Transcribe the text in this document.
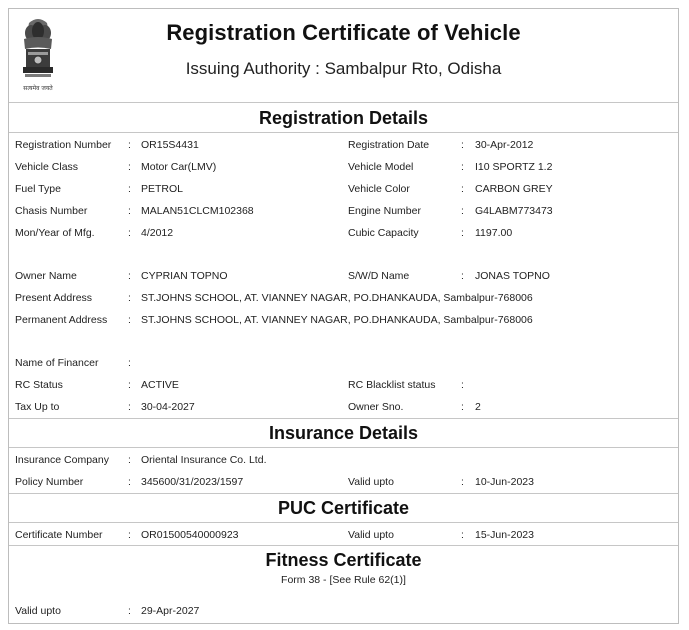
सत्यमेव जयते
Registration Certificate of Vehicle
Issuing Authority : Sambalpur Rto, Odisha
Registration Details
Registration Number : OR15S4431	Registration Date	: 30-Apr-2012
Vehicle Class	: Motor Car(LMV)	Vehicle Model	: I10 SPORTZ 1.2
Fuel Type	: PETROL	Vehicle Color	: CARBON GREY
Chasis Number	: MALAN51CLCM102368	Engine Number	: G4LABM773473
Mon/Year of Mfg.	: 4/2012	Cubic Capacity	: 1197.00
Owner Name	: CYPRIAN TOPNO	S/W/D Name	: JONAS TOPNO
Present Address	: ST.JOHNS SCHOOL, AT. VIANNEY NAGAR, PO.DHANKAUDA, Sambalpur-768006
Permanent Address : ST.JOHNS SCHOOL, AT. VIANNEY NAGAR, PO.DHANKAUDA, Sambalpur-768006
Name of Financer	:
RC Status	: ACTIVE	RC Blacklist status :
Tax Up to	: 30-04-2027	Owner Sno.	: 2
Insurance Details
Insurance Company : Oriental Insurance Co. Ltd.
Policy Number	: 345600/31/2023/1597	Valid upto	: 10-Jun-2023
PUC Certificate
Certificate Number : OR01500540000923	Valid upto	: 15-Jun-2023
Fitness Certificate
Form 38 - [See Rule 62(1)]
Valid upto	: 29-Apr-2027
